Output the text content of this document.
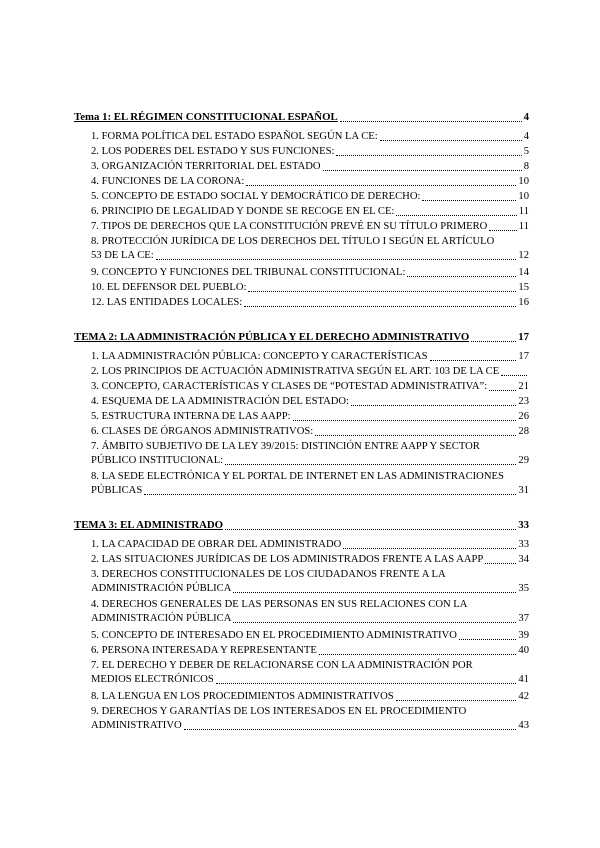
Tema 1: EL RÉGIMEN CONSTITUCIONAL ESPAÑOL	4
1. FORMA POLÍTICA DEL ESTADO ESPAÑOL SEGÚN LA CE:	4
2. LOS PODERES DEL ESTADO Y SUS FUNCIONES:	5
3. ORGANIZACIÓN TERRITORIAL DEL ESTADO	8
4. FUNCIONES DE LA CORONA:	10
5. CONCEPTO DE ESTADO SOCIAL Y DEMOCRÁTICO DE DERECHO:	10
6. PRINCIPIO DE LEGALIDAD Y DONDE SE RECOGE EN EL CE:	11
7. TIPOS DE DERECHOS QUE LA CONSTITUCIÓN PREVÉ EN SU TÍTULO PRIMERO	11
8. PROTECCIÓN JURÍDICA DE LOS DERECHOS DEL TÍTULO I SEGÚN EL ARTÍCULO
53 DE LA CE:	12
9. CONCEPTO Y FUNCIONES DEL TRIBUNAL CONSTITUCIONAL:	14
10. EL DEFENSOR DEL PUEBLO:	15
12. LAS ENTIDADES LOCALES:	16
TEMA 2: LA ADMINISTRACIÓN PÚBLICA Y EL DERECHO ADMINISTRATIVO	17
1. LA ADMINISTRACIÓN PÚBLICA: CONCEPTO Y CARACTERÍSTICAS	17
2. LOS PRINCIPIOS DE ACTUACIÓN ADMINISTRATIVA SEGÚN EL ART. 103 DE LA CE
3. CONCEPTO, CARACTERÍSTICAS Y CLASES DE “POTESTAD ADMINISTRATIVA”:	21
4. ESQUEMA DE LA ADMINISTRACIÓN DEL ESTADO:	23
5. ESTRUCTURA INTERNA DE LAS AAPP:	26
6. CLASES DE ÓRGANOS ADMINISTRATIVOS:	28
7. ÁMBITO SUBJETIVO DE LA LEY 39/2015: DISTINCIÓN ENTRE AAPP Y SECTOR
PÚBLICO INSTITUCIONAL:	29
8. LA SEDE ELECTRÓNICA Y EL PORTAL DE INTERNET EN LAS ADMINISTRACIONES
PÚBLICAS	31
TEMA 3: EL ADMINISTRADO	33
1. LA CAPACIDAD DE OBRAR DEL ADMINISTRADO	33
2. LAS SITUACIONES JURÍDICAS DE LOS ADMINISTRADOS FRENTE A LAS AAPP	34
3. DERECHOS CONSTITUCIONALES DE LOS CIUDADANOS FRENTE A LA
ADMINISTRACIÓN PÚBLICA	35
4. DERECHOS GENERALES DE LAS PERSONAS EN SUS RELACIONES CON LA
ADMINISTRACIÓN PÚBLICA	37
5. CONCEPTO DE INTERESADO EN EL PROCEDIMIENTO ADMINISTRATIVO	39
6. PERSONA INTERESADA Y REPRESENTANTE	40
7. EL DERECHO Y DEBER DE RELACIONARSE CON LA ADMINISTRACIÓN POR
MEDIOS ELECTRÓNICOS	41
8. LA LENGUA EN LOS PROCEDIMIENTOS ADMINISTRATIVOS	42
9. DERECHOS Y GARANTÍAS DE LOS INTERESADOS EN EL PROCEDIMIENTO
ADMINISTRATIVO	43
